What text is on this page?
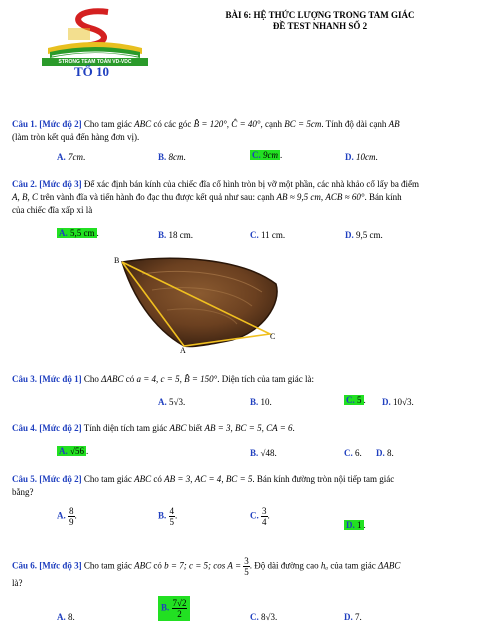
STRONG TEAM TOÁN VD-VDC
TỔ 10
BÀI 6: HỆ THỨC LƯỢNG TRONG TAM GIÁC
ĐỀ TEST NHANH SỐ 2
Câu 1. [Mức độ 2] Cho tam giác ABC có các góc B̂ = 120°, Ĉ = 40°, cạnh BC = 5cm. Tính độ dài cạnh AB
(làm tròn kết quả đến hàng đơn vị).
A. 7cm.	B. 8cm.	C. 9cm .	D. 10cm.
Câu 2. [Mức độ 3] Để xác định bán kính của chiếc đĩa cổ hình tròn bị vỡ một phần, các nhà khảo cổ lấy ba điểm
A, B, C trên vành đĩa và tiến hành đo đạc thu được kết quả như sau: cạnh AB ≈ 9,5 cm, ACB ≈ 60°. Bán kính
của chiếc đĩa xấp xỉ là
A. 5,5 cm .	B. 18 cm.	C. 11 cm.	D. 9,5 cm.
B
A
C
Câu 3. [Mức độ 1] Cho ΔABC có a = 4, c = 5, B̂ = 150°. Diện tích của tam giác là:
A. 5√3.	B. 10.	C. 5 . D. 10√3.
Câu 4. [Mức độ 2] Tính diện tích tam giác ABC biết AB = 3, BC = 5, CA = 6.
A. √56 .	B. √48.	C. 6. D. 8.
Câu 5. [Mức độ 2] Cho tam giác ABC có AB = 3, AC = 4, BC = 5. Bán kính đường tròn nội tiếp tam giác
bằng?
A. $\frac{8}{9}$ .	B. $\frac{4}{5}$ .	C. $\frac{3}{4}$ .
D. 1 .
Câu 6. [Mức độ 3] Cho tam giác ABC có b = 7; c = 5; $\cos A = \frac{3}{5}$ . Độ dài đường cao hₐ của tam giác ΔABC
là?
A. 8.
B. $\frac{7√2}{2}$	C. 8√3.	D. 7.
